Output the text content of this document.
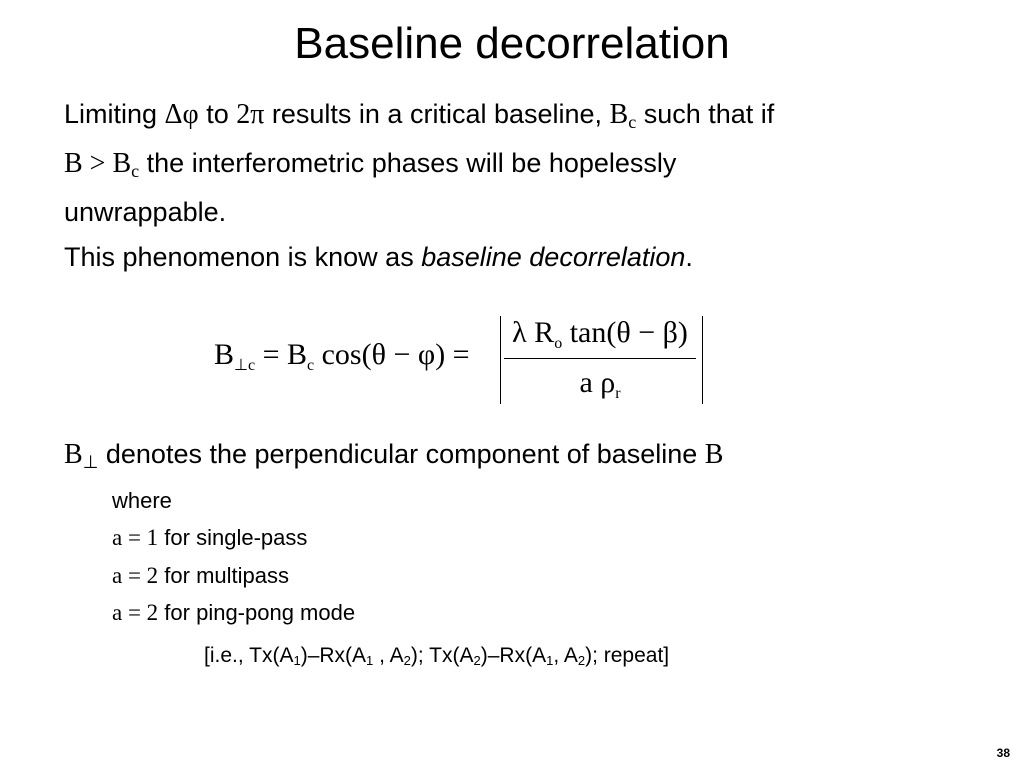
Baseline decorrelation
Limiting Δφ to 2π results in a critical baseline, $B_c$ such that if
$B > B_c$ the interferometric phases will be hopelessly
unwrappable.
This phenomenon is know as baseline decorrelation.
$B_{\perp c} = B_c$ cos(θ − φ) =
λ $R_o$ tan(θ − β)
a $\rho_r$
$B_\perp$ denotes the perpendicular component of baseline B
where
a = 1 for single-pass
a = 2 for multipass
a = 2 for ping-pong mode
[i.e., Tx(A1)–Rx(A1 , A2); Tx(A2)–Rx(A1, A2); repeat]
38
